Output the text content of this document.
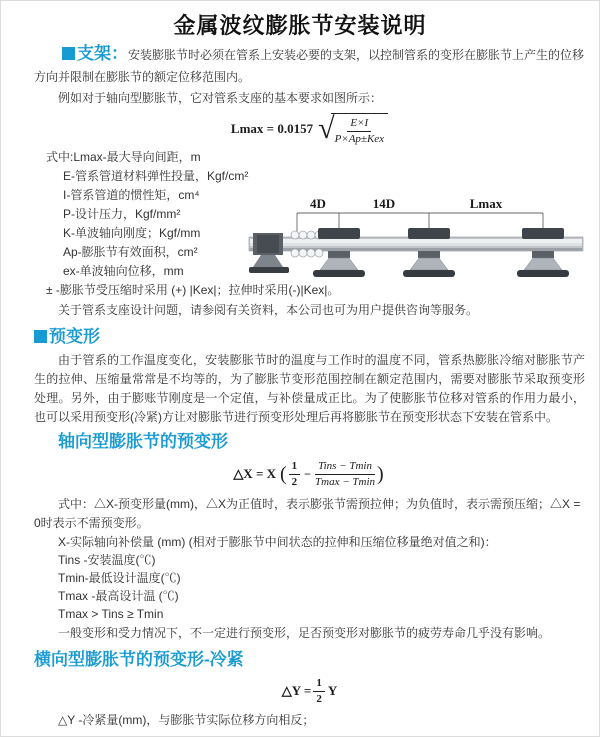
金属波纹膨胀节安装说明

支架：安装膨胀节时必须在管系上安装必要的支架，以控制管系的变形在膨胀节上产生的位移方向并限制在膨胀节的额定位移范围内。

例如对于轴向型膨胀节，它对管系支座的基本要求如图所示：

Lmax = 0.0157 √ $\frac{E\times I}{\text{P×Ap±Kex}}$
式中:Lmax-最大导向间距，m
E-管系管道材料弹性投量，Kgf/cm²
I-管系管道的惯性矩，cm⁴
P-设计压力，Kgf/mm²
K-单波轴向刚度；Kgf/mm
Ap-膨胀节有效面积，cm²
ex-单波轴向位移，mm

± -膨胀节受压缩时采用 (+) |Kex|；拉伸时采用(-)|Kex|。

关于管系支座设计问题，请参阅有关资料，本公司也可为用户提供咨询等服务。

预变形

由于管系的工作温度变化，安装膨胀节时的温度与工作时的温度不同，管系热膨胀冷缩对膨胀节产生的拉伸、压缩量常常是不均等的，为了膨胀节变形范围控制在额定范围内，需要对膨胀节采取预变形处理。另外，由于膨账节刚度是一个定值，与补偿量成正比。为了使膨胀节位移对管系的作用力最小，也可以采用预变形(冷紧)方让对膨胀节进行预变形处理后再将膨胀节在预变形状态下安装在管系中。

轴向型膨胀节的预变形
△X = X ( $\frac{1}{2} - \frac{\text{Tins − Tmin}}{Tmax - Tmin}$ )

式中：△X-预变形量(mm)，△X为正值时，表示膨张节需预拉伸；为负值时，表示需预压缩；△X = 0时表示不需预变形。

X-实际轴向补偿量 (mm) (相对于膨胀节中间状态的拉伸和压缩位移量绝对值之和)：

Tins -安装温度(℃)

Tmin-最低设计温度(℃)

Tmax -最高设计温 (℃)

Tmax > Tins ≥ Tmin

一般变形和受力情况下，不一定进行预变形，足否预变形对膨胀节的疲劳寿命几乎没有影响。

横向型膨胀节的预变形-冷紧
△Y = $\frac{1}{2}$ Y

△Y -冷紧量(mm)，与膨胀节实际位移方向相反；

4D	14D	Lmax
